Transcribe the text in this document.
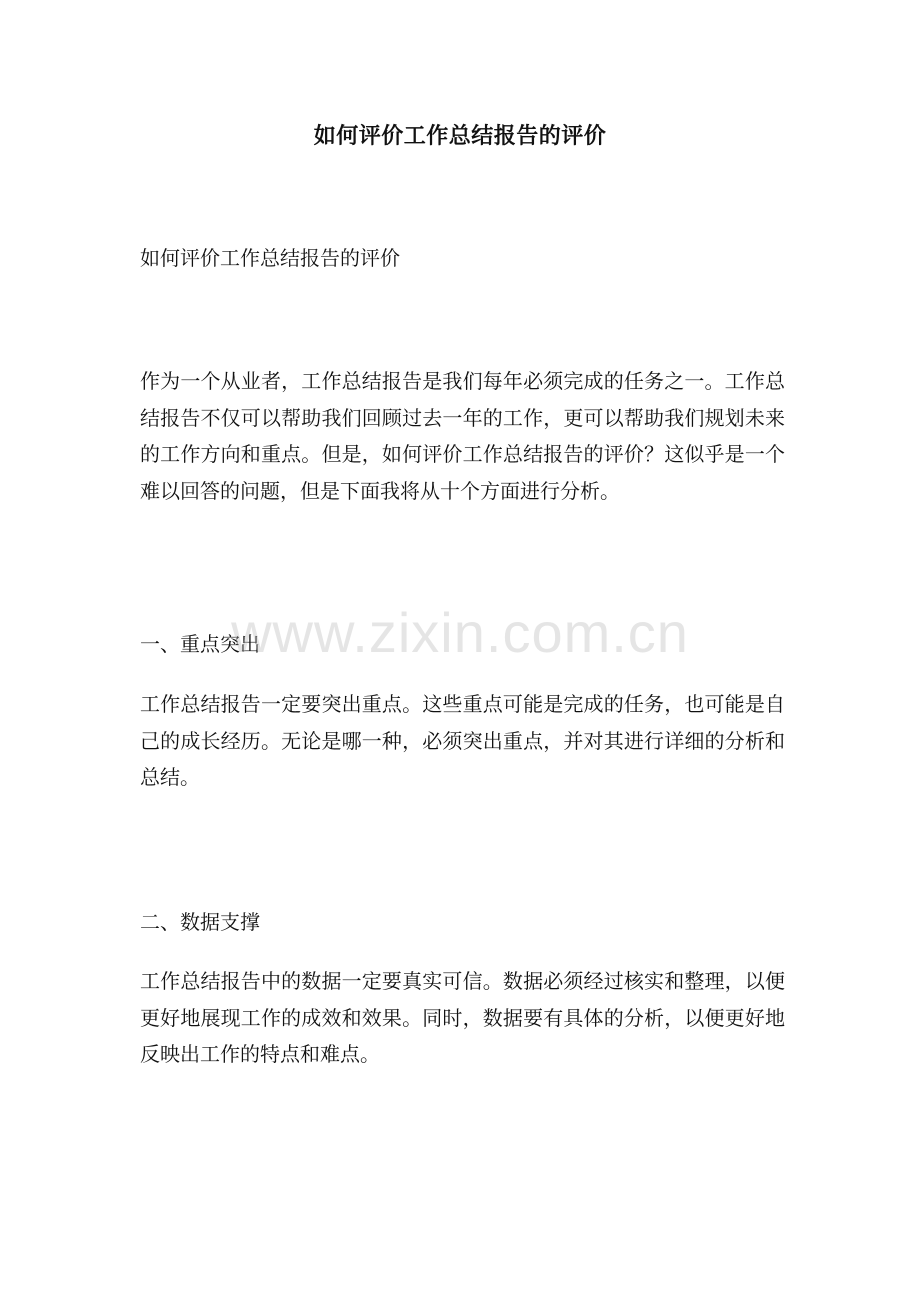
如何评价工作总结报告的评价
如何评价工作总结报告的评价

作为一个从业者，工作总结报告是我们每年必须完成的任务之一。工作总结报告不仅可以帮助我们回顾过去一年的工作，更可以帮助我们规划未来的工作方向和重点。但是，如何评价工作总结报告的评价？这似乎是一个难以回答的问题，但是下面我将从十个方面进行分析。

一、重点突出

工作总结报告一定要突出重点。这些重点可能是完成的任务，也可能是自己的成长经历。无论是哪一种，必须突出重点，并对其进行详细的分析和总结。

二、数据支撑

工作总结报告中的数据一定要真实可信。数据必须经过核实和整理，以便更好地展现工作的成效和效果。同时，数据要有具体的分析，以便更好地反映出工作的特点和难点。

www.zixin.com.cn
